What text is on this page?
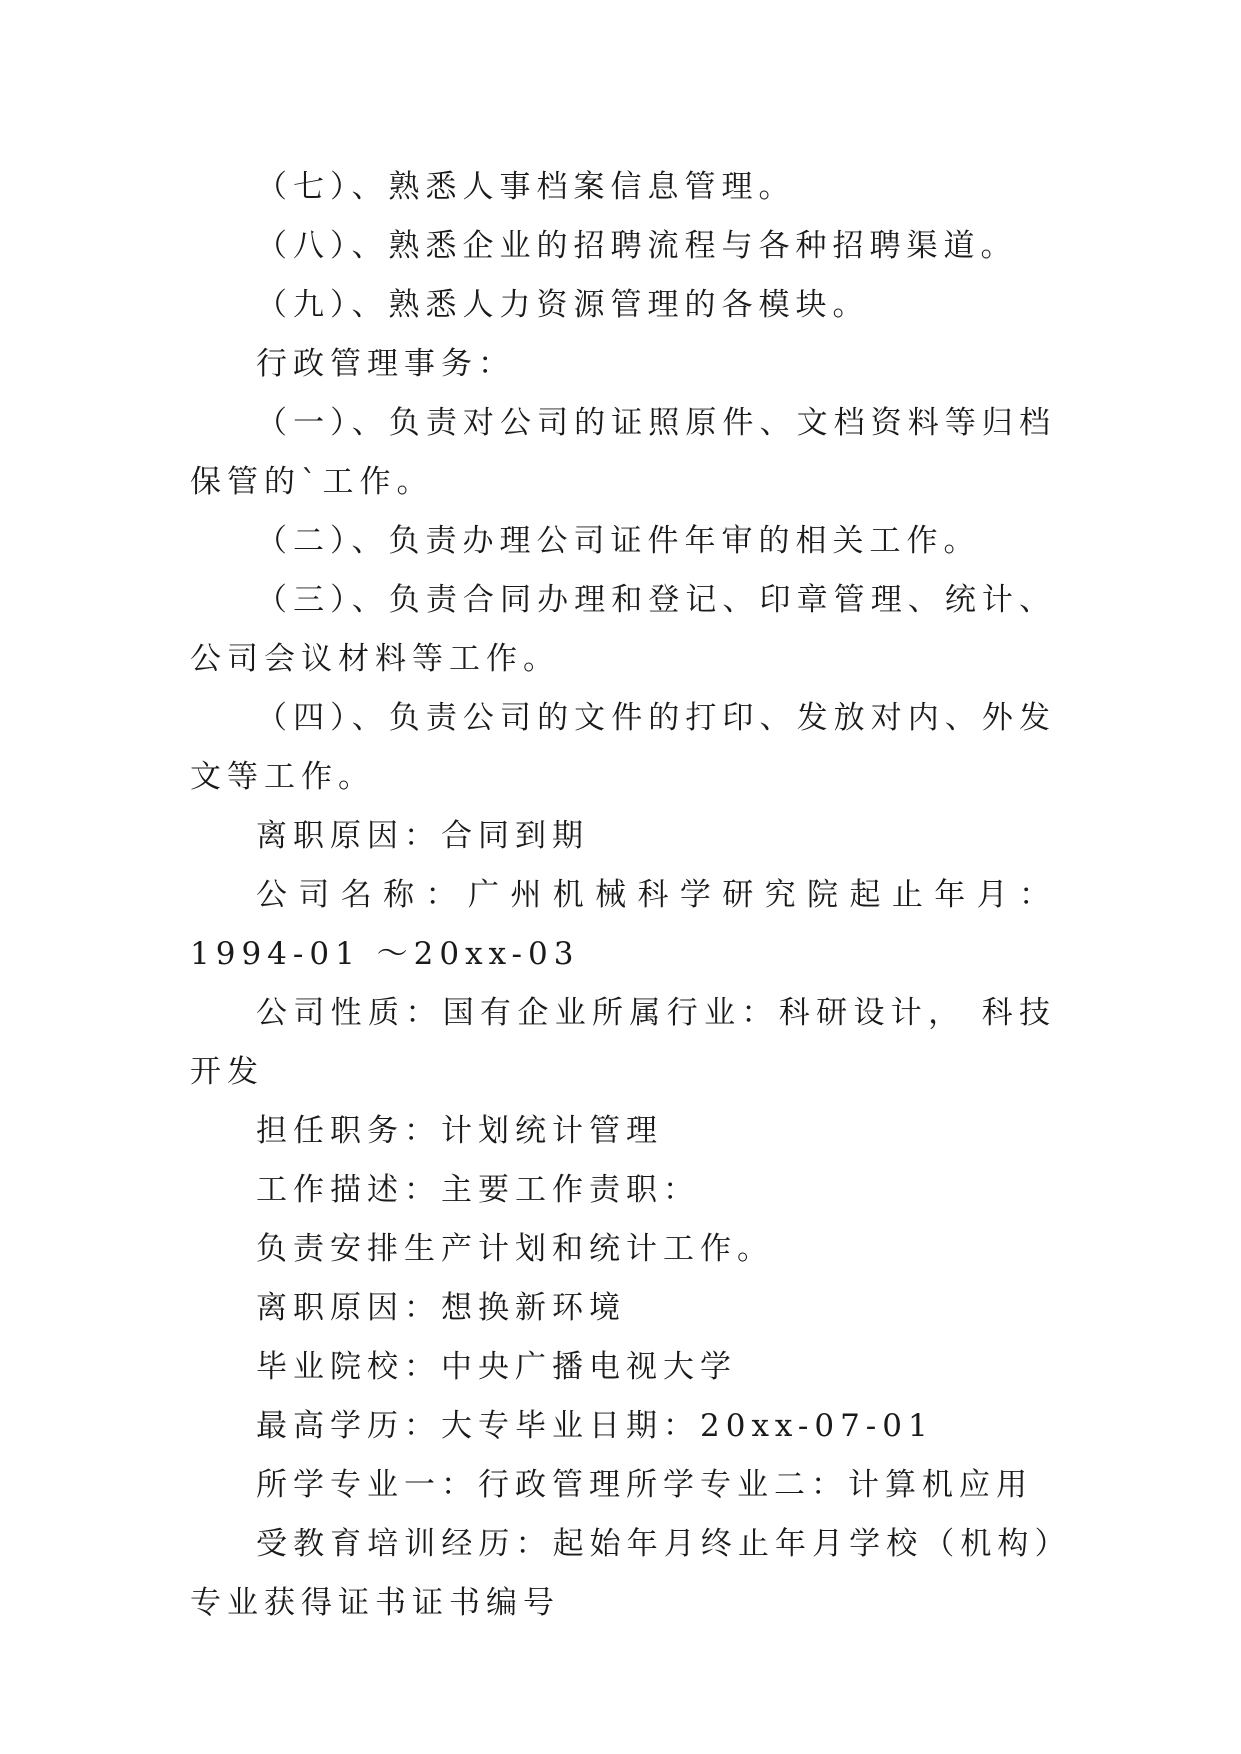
（七）、熟悉人事档案信息管理。

（八）、熟悉企业的招聘流程与各种招聘渠道。

（九）、熟悉人力资源管理的各模块。

行政管理事务：

（一）、负责对公司的证照原件、文档资料等归档保管的`工作。

（二）、负责办理公司证件年审的相关工作。

（三）、负责合同办理和登记、印章管理、统计、公司会议材料等工作。

（四）、负责公司的文件的打印、发放对内、外发文等工作。

离职原因：合同到期

公司名称：广州机械科学研究院起止年月：1994-01 ～20xx-03

公司性质：国有企业所属行业：科研设计， 科技开发

担任职务：计划统计管理

工作描述：主要工作责职：

负责安排生产计划和统计工作。

离职原因：想换新环境

毕业院校：中央广播电视大学

最高学历：大专毕业日期：20xx-07-01

所学专业一：行政管理所学专业二：计算机应用

受教育培训经历：起始年月终止年月学校（机构）专业获得证书证书编号
